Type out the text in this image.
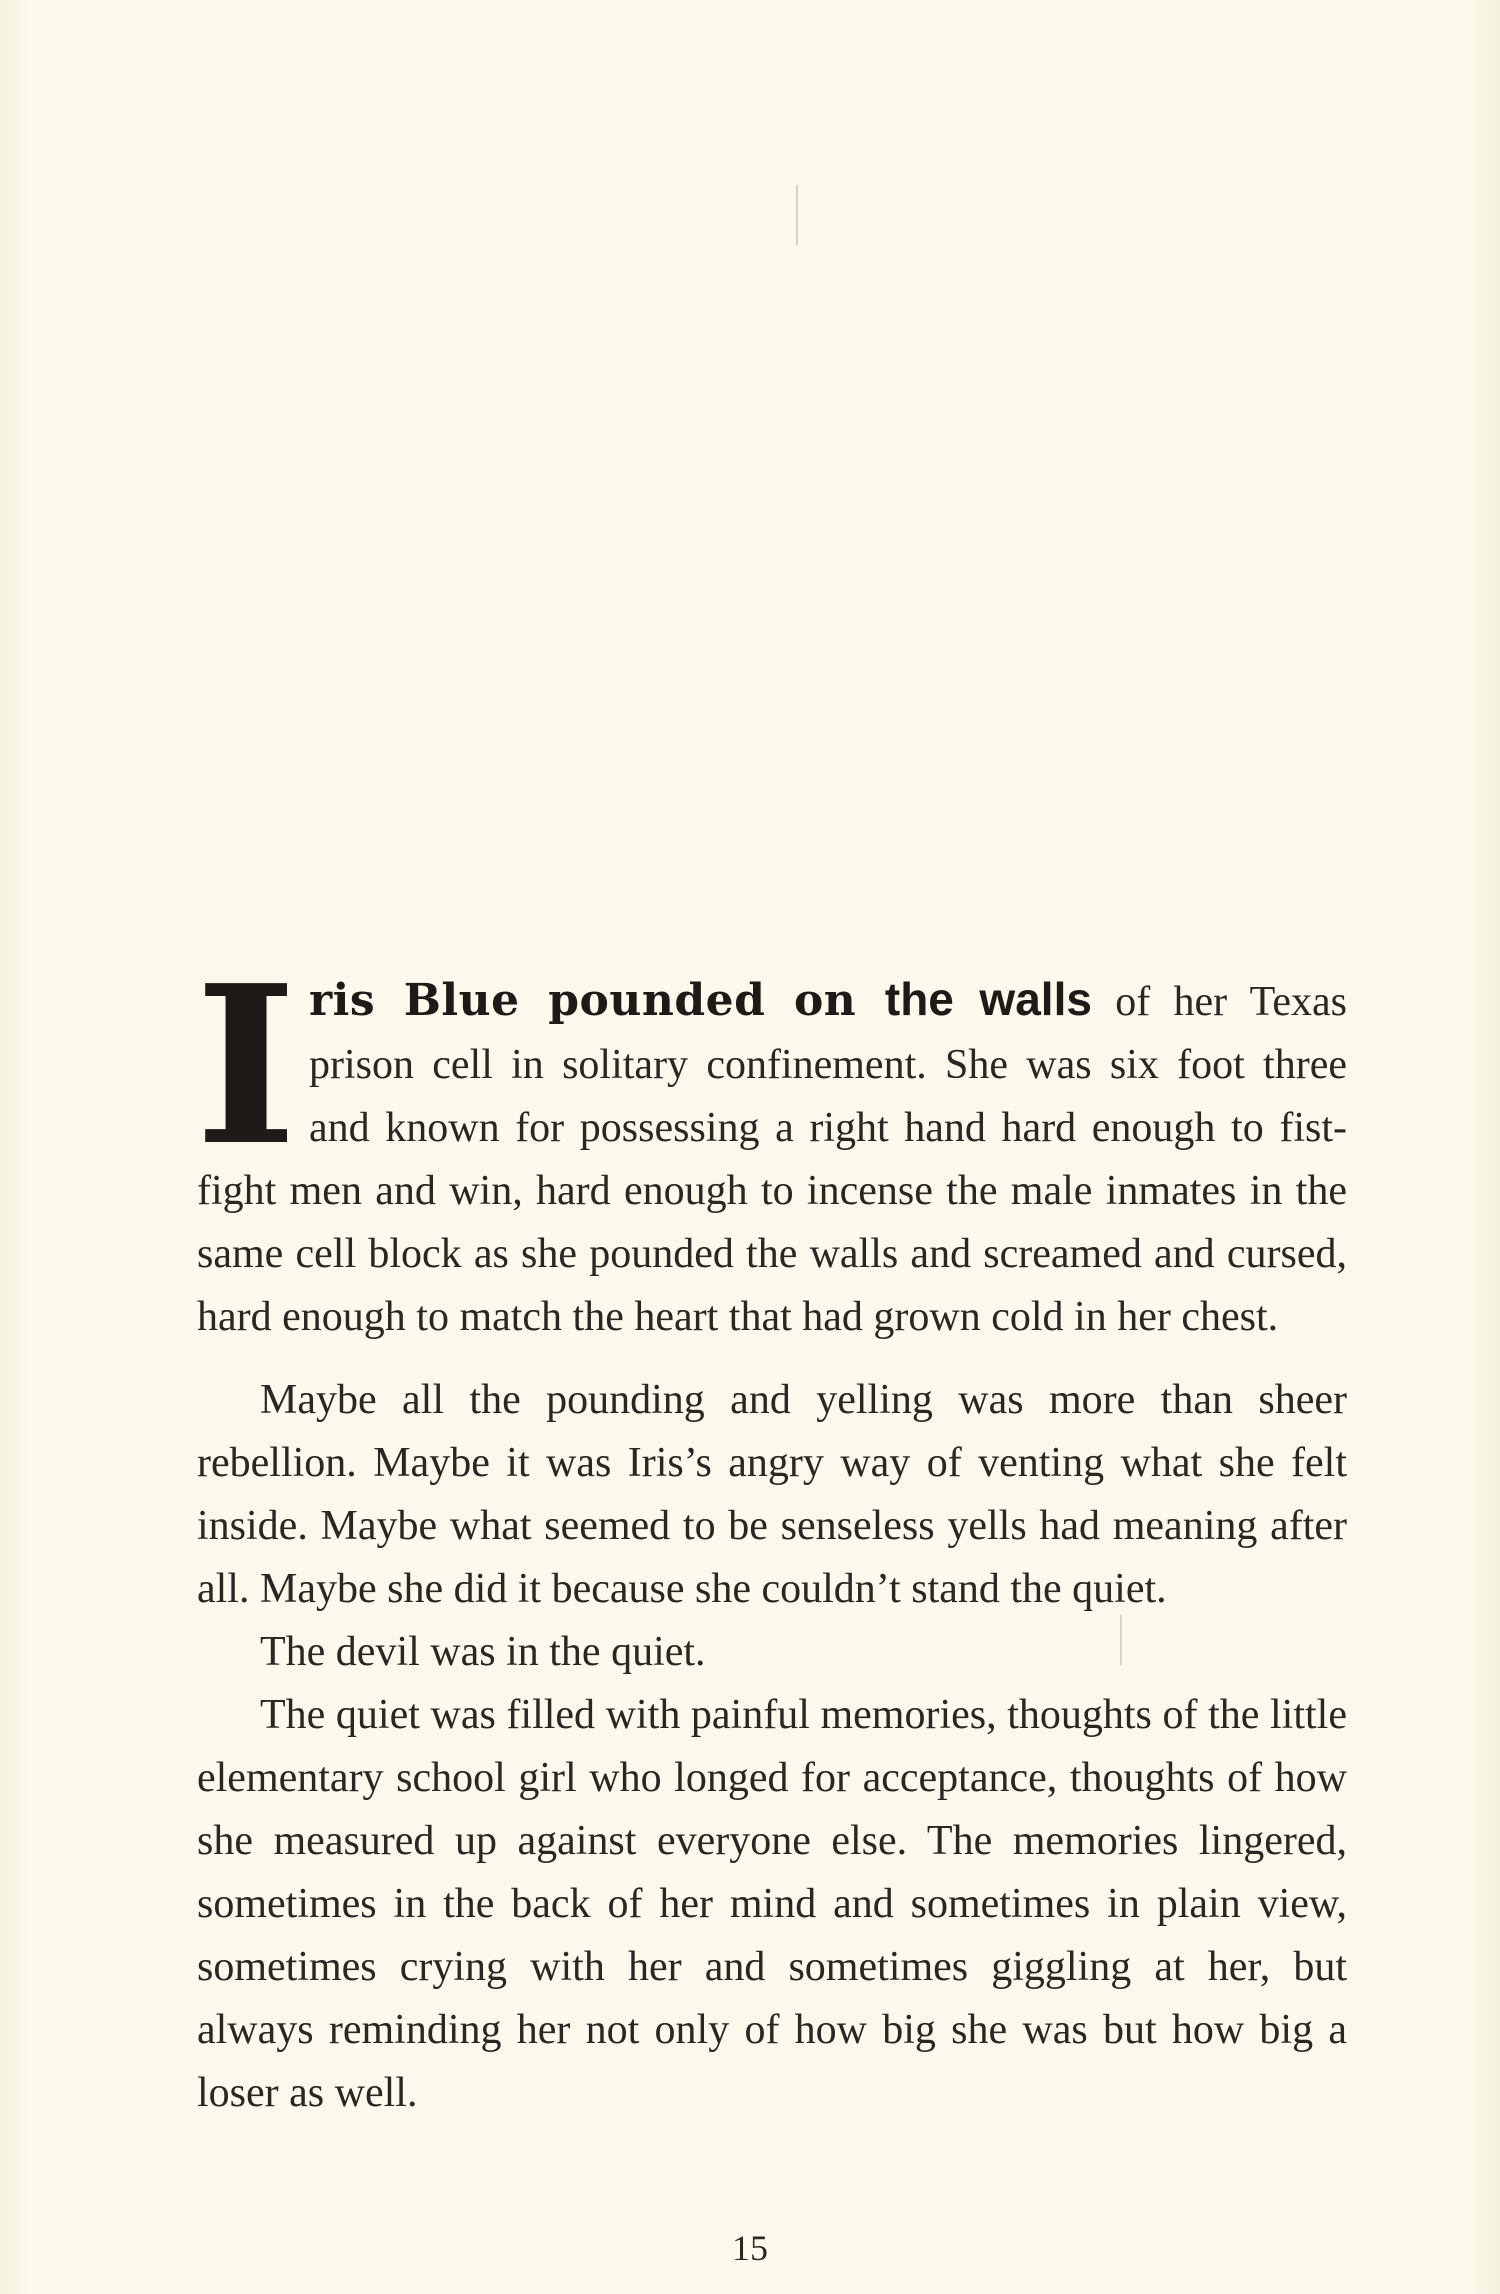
Iris Blue pounded on the walls of her Texas prison cell in solitary confinement. She was six foot three and known for possessing a right hand hard enough to fist-fight men and win, hard enough to incense the male inmates in the same cell block as she pounded the walls and screamed and cursed, hard enough to match the heart that had grown cold in her chest.

Maybe all the pounding and yelling was more than sheer rebellion. Maybe it was Iris’s angry way of venting what she felt inside. Maybe what seemed to be senseless yells had meaning after all. Maybe she did it because she couldn’t stand the quiet.

The devil was in the quiet.

The quiet was filled with painful memories, thoughts of the little elementary school girl who longed for acceptance, thoughts of how she measured up against everyone else. The memories lingered, sometimes in the back of her mind and sometimes in plain view, sometimes crying with her and sometimes giggling at her, but always reminding her not only of how big she was but how big a loser as well.

15
